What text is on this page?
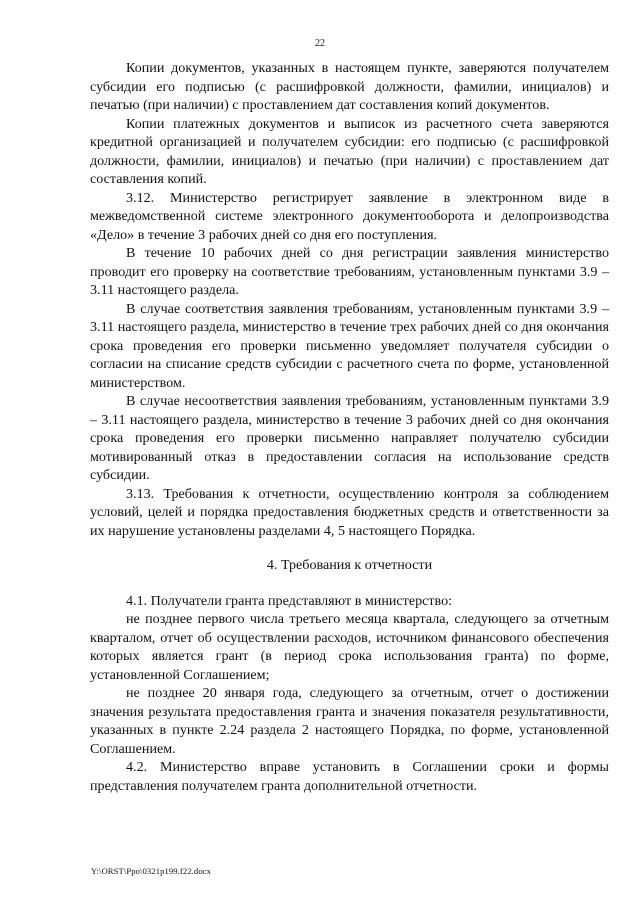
22

Копии документов, указанных в настоящем пункте, заверяются получателем субсидии его подписью (с расшифровкой должности, фамилии, инициалов) и печатью (при наличии) с проставлением дат составления копий документов.

Копии платежных документов и выписок из расчетного счета заверяются кредитной организацией и получателем субсидии: его подписью (с расшифровкой должности, фамилии, инициалов) и печатью (при наличии) с проставлением дат составления копий.

3.12. Министерство регистрирует заявление в электронном виде в межведомственной системе электронного документооборота и делопроизводства «Дело» в течение 3 рабочих дней со дня его поступления.

В течение 10 рабочих дней со дня регистрации заявления министерство проводит его проверку на соответствие требованиям, установленным пунктами 3.9 – 3.11 настоящего раздела.

В случае соответствия заявления требованиям, установленным пунктами 3.9 – 3.11 настоящего раздела, министерство в течение трех рабочих дней со дня окончания срока проведения его проверки письменно уведомляет получателя субсидии о согласии на списание средств субсидии с расчетного счета по форме, установленной министерством.

В случае несоответствия заявления требованиям, установленным пунктами 3.9 – 3.11 настоящего раздела, министерство в течение 3 рабочих дней со дня окончания срока проведения его проверки письменно направляет получателю субсидии мотивированный отказ в предоставлении согласия на использование средств субсидии.

3.13. Требования к отчетности, осуществлению контроля за соблюдением условий, целей и порядка предоставления бюджетных средств и ответственности за их нарушение установлены разделами 4, 5 настоящего Порядка.

4. Требования к отчетности

4.1. Получатели гранта представляют в министерство:

не позднее первого числа третьего месяца квартала, следующего за отчетным кварталом, отчет об осуществлении расходов, источником финансового обеспечения которых является грант (в период срока использования гранта) по форме, установленной Соглашением;

не позднее 20 января года, следующего за отчетным, отчет о достижении значения результата предоставления гранта и значения показателя результативности, указанных в пункте 2.24 раздела 2 настоящего Порядка, по форме, установленной Соглашением.

4.2. Министерство вправе установить в Соглашении сроки и формы представления получателем гранта дополнительной отчетности.

Y:\ORST\Ppo\0321p199.f22.docx
